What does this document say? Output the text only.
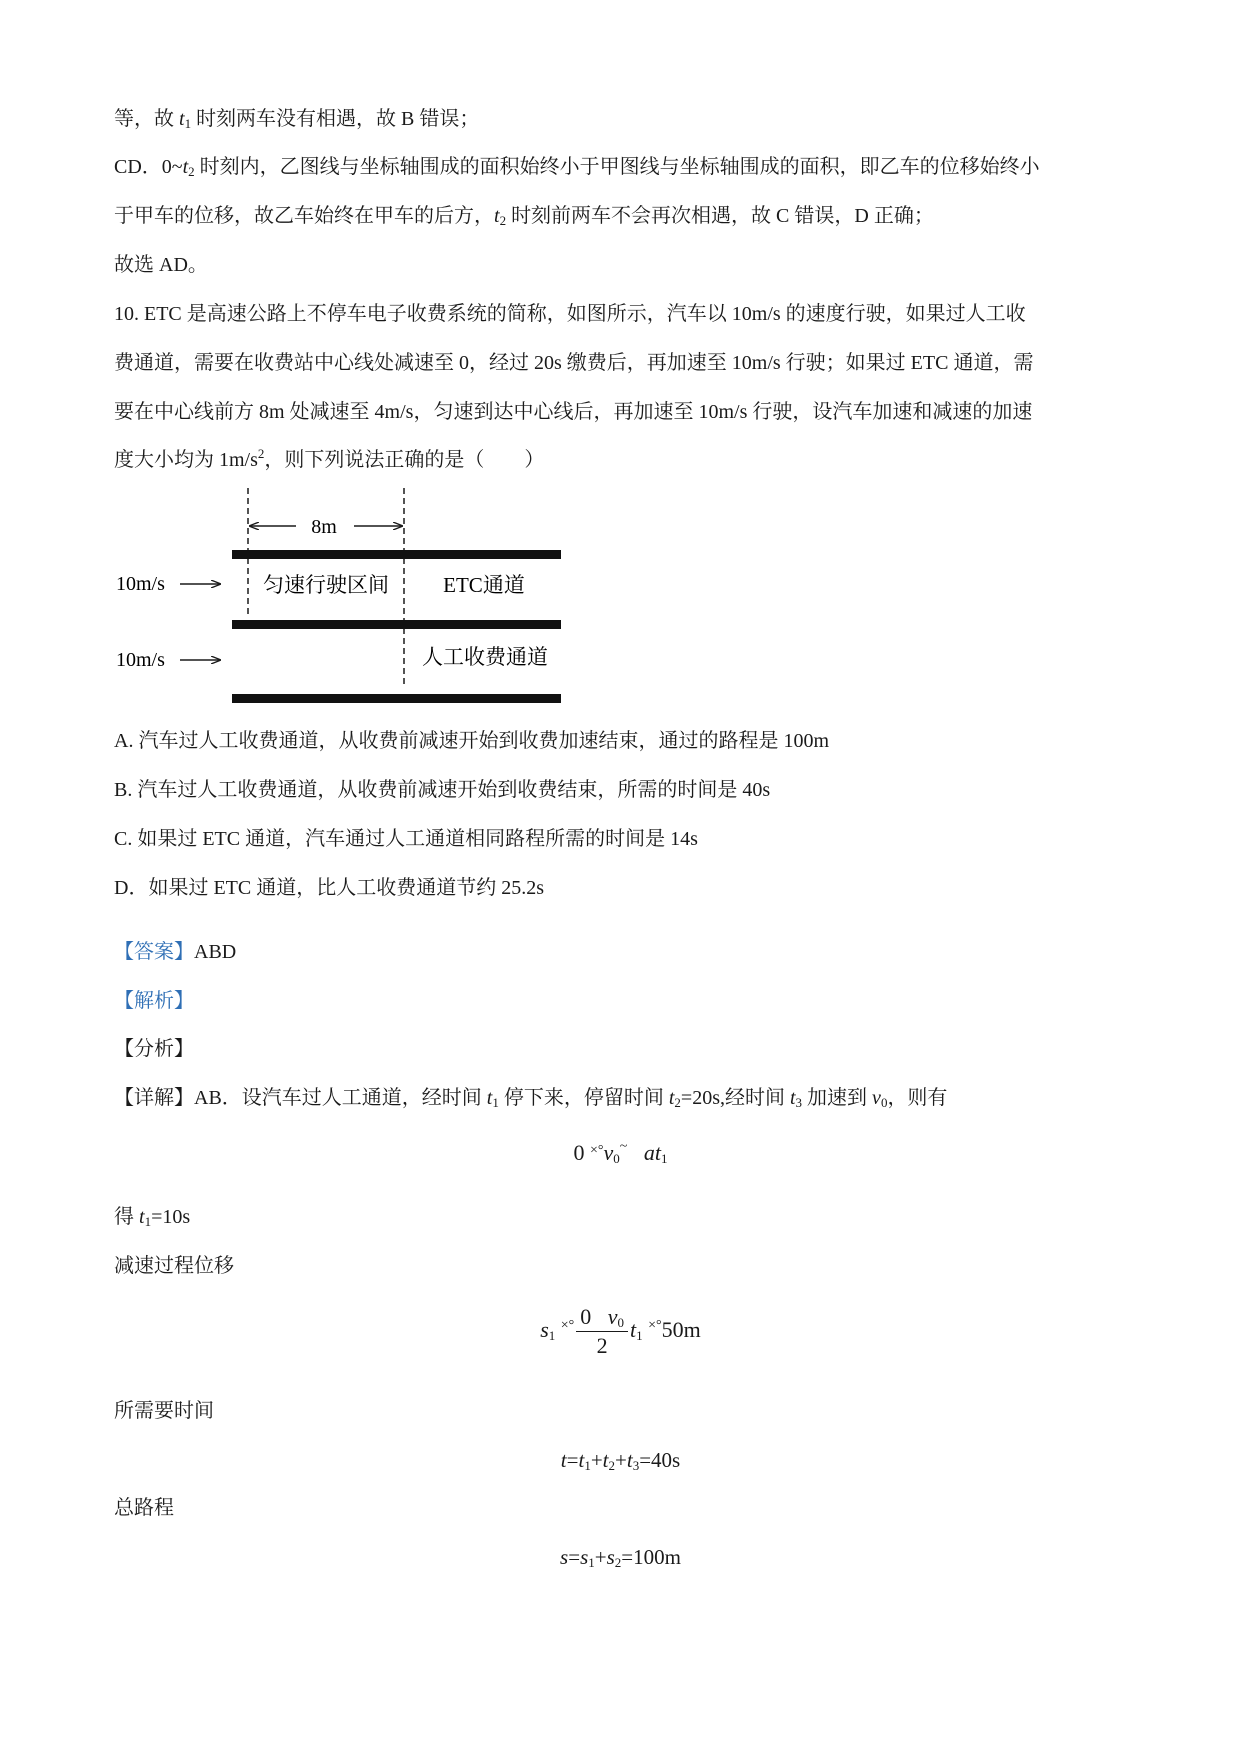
等，故 $t_1$ 时刻两车没有相遇，故 B 错误；
CD．$0\sim t_2$ 时刻内，乙图线与坐标轴围成的面积始终小于甲图线与坐标轴围成的面积，即乙车的位移始终小
于甲车的位移，故乙车始终在甲车的后方，$t_2$ 时刻前两车不会再次相遇，故 C 错误，D 正确；
故选 AD。
10. ETC 是高速公路上不停车电子收费系统的简称，如图所示，汽车以 10m/s 的速度行驶，如果过人工收
费通道，需要在收费站中心线处减速至 0，经过 20s 缴费后，再加速至 10m/s 行驶；如果过 ETC 通道，需
要在中心线前方 8m 处减速至 4m/s，匀速到达中心线后，再加速至 10m/s 行驶，设汽车加速和减速的加速
度大小均为 $1m/s^2$，则下列说法正确的是（　　）
8m
10m/s	匀速行驶区间	ETC通道
10m/s	人工收费通道
A. 汽车过人工收费通道，从收费前减速开始到收费加速结束，通过的路程是 100m
B. 汽车过人工收费通道，从收费前减速开始到收费结束，所需的时间是 40s
C. 如果过 ETC 通道，汽车通过人工通道相同路程所需的时间是 14s
D．如果过 ETC 通道，比人工收费通道节约 25.2s
【答案】ABD
【解析】
【分析】
【详解】AB．设汽车过人工通道，经时间 $t_1$ 停下来，停留时间 $t_2=20s$,经时间 $t_3$ 加速到 $v_0$，则有
0 $^{\times^\circ}v_0^\sim$ $at_1$
得 $t_1=10s$
减速过程位移
$s_1$ $^{\times^\circ} \frac{0 v_0}{2} t_1$ ×°50m
所需要时间
$t=t_1+t_2+t_3=40s$
总路程
$s=s_1+s_2=100m$
